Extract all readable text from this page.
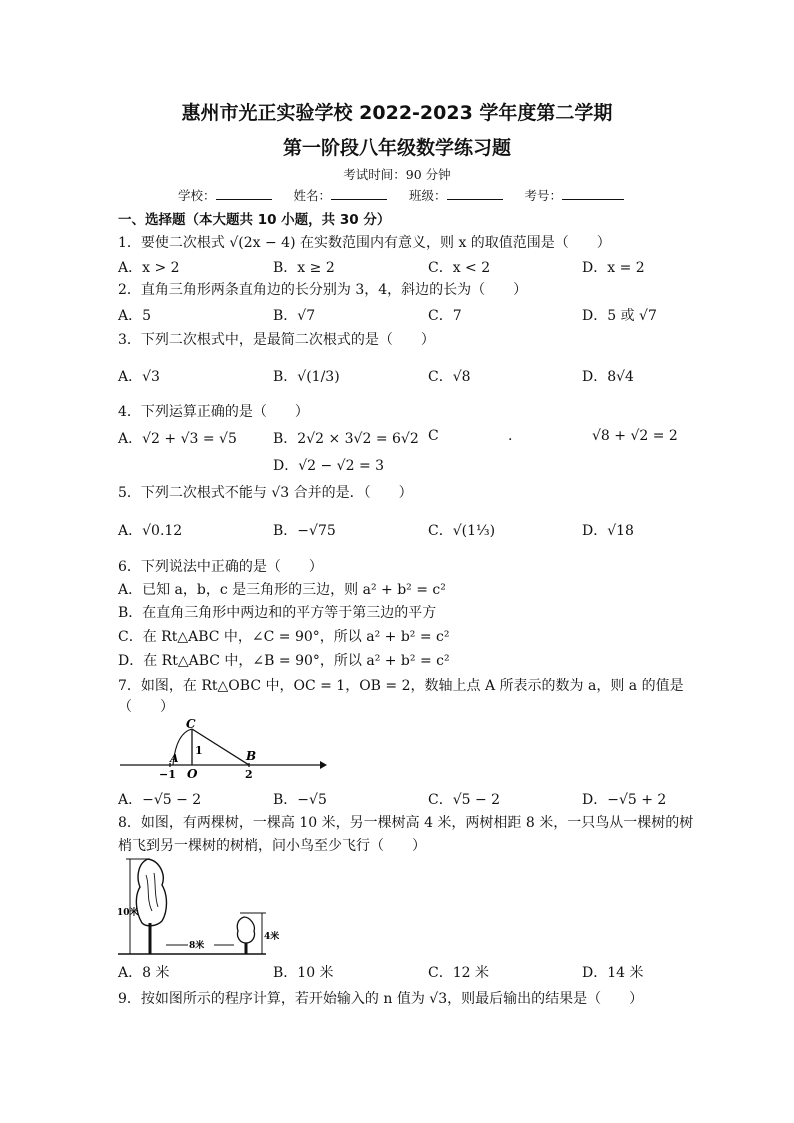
惠州市光正实验学校 2022-2023 学年度第二学期
第一阶段八年级数学练习题
考试时间：90 分钟
学校：	姓名：	班级：	考号：
一、选择题（本大题共 10 小题，共 30 分）
1．要使二次根式 √(2x − 4) 在实数范围内有意义，则 x 的取值范围是（　　）
A．x > 2	B．x ≥ 2	C．x < 2	D．x = 2
2．直角三角形两条直角边的长分别为 3，4，斜边的长为（　　）
A．5	B．√7	C．7	D．5 或 √7
3．下列二次根式中，是最简二次根式的是（　　）
A．√3	B．√(1/3)	C．√8	D．8√4
4．下列运算正确的是（　　）
A．√2 + √3 = √5	B．2√2 × 3√2 = 6√2 C	.	√8 + √2 = 2
D．√2 − √2 = 3
5．下列二次根式不能与 √3 合并的是．（　　）
A．√0.12	B．−√75	C．√(1⅓)	D．√18
6．下列说法中正确的是（　　）
A．已知 a，b，c 是三角形的三边，则 a² + b² = c²
B．在直角三角形中两边和的平方等于第三边的平方
C．在 Rt△ABC 中，∠C = 90°，所以 a² + b² = c²
D．在 Rt△ABC 中，∠B = 90°，所以 a² + b² = c²
7．如图，在 Rt△OBC 中，OC = 1，OB = 2，数轴上点 A 所表示的数为 a，则 a 的值是
（　　）
C
1
A	B
−1 O	2
A．−√5 − 2	B．−√5	C．√5 − 2	D．−√5 + 2
8．如图，有两棵树，一棵高 10 米，另一棵树高 4 米，两树相距 8 米，一只鸟从一棵树的树
梢飞到另一棵树的树梢，问小鸟至少飞行（　　）
10米
8米
4米
A．8 米	B．10 米	C．12 米	D．14 米
9．按如图所示的程序计算，若开始输入的 n 值为 √3，则最后输出的结果是（　　）
